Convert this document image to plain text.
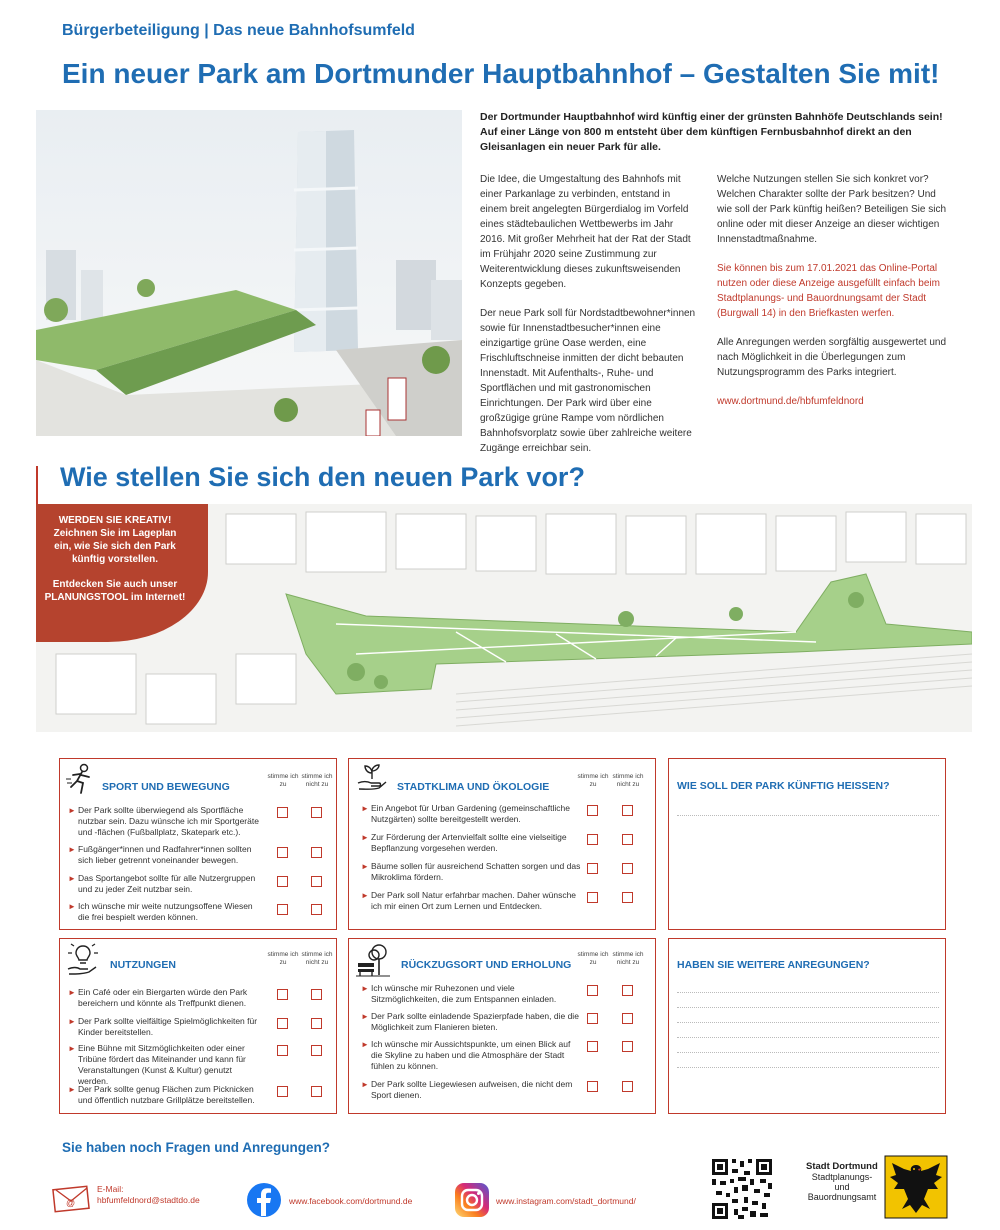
Bürgerbeteiligung | Das neue Bahnhofsumfeld
Ein neuer Park am Dortmunder Hauptbahnhof – Gestalten Sie mit!
Der Dortmunder Hauptbahnhof wird künftig einer der grünsten Bahnhöfe Deutschlands sein! Auf einer Länge von 800 m entsteht über dem künftigen Fernbusbahnhof direkt an den Gleisanlagen ein neuer Park für alle.

Die Idee, die Umgestaltung des Bahnhofs mit einer Parkanlage zu verbinden, entstand in einem breit angelegten Bürgerdialog im Vorfeld eines städtebaulichen Wettbewerbs im Jahr 2016. Mit großer Mehrheit hat der Rat der Stadt im Frühjahr 2020 seine Zustimmung zur Weiterentwicklung dieses zukunftsweisenden Konzepts gegeben.

Der neue Park soll für Nordstadtbewohner*innen sowie für Innenstadtbesucher*innen eine einzigartige grüne Oase werden, eine Frischluftschneise inmitten der dicht bebauten Innenstadt. Mit Aufenthalts-, Ruhe- und Sportflächen und mit gastronomischen Einrichtungen. Der Park wird über eine großzügige grüne Rampe vom nördlichen Bahnhofsvorplatz sowie über zahlreiche weitere Zugänge erreichbar sein.

Welche Nutzungen stellen Sie sich konkret vor? Welchen Charakter sollte der Park besitzen? Und wie soll der Park künftig heißen? Beteiligen Sie sich online oder mit dieser Anzeige an dieser wichtigen Innenstadtmaßnahme.

Sie können bis zum 17.01.2021 das Online-Portal nutzen oder diese Anzeige ausgefüllt einfach beim Stadtplanungs- und Bauordnungsamt der Stadt (Burgwall 14) in den Briefkasten werfen.

Alle Anregungen werden sorgfältig ausgewertet und nach Möglichkeit in die Überlegungen zum Nutzungsprogramm des Parks integriert.

www.dortmund.de/hbfumfeldnord

Wie stellen Sie sich den neuen Park vor?
WERDEN SIE KREATIV!
Zeichnen Sie im Lageplan ein, wie Sie sich den Park künftig vorstellen.
Entdecken Sie auch unser PLANUNGSTOOL im Internet!
SPORT UND BEWEGUNG
stimme ich zu
stimme ich nicht zu
► Der Park sollte überwiegend als Sportfläche nutzbar sein. Dazu wünsche ich mir Sportgeräte und -flächen (Fußballplatz, Skatepark etc.).
► Fußgänger*innen und Radfahrer*innen sollten sich lieber getrennt voneinander bewegen.
► Das Sportangebot sollte für alle Nutzergruppen und zu jeder Zeit nutzbar sein.
► Ich wünsche mir weite nutzungsoffene Wiesen die frei bespielt werden können.
STADTKLIMA UND ÖKOLOGIE
stimme ich zu
stimme ich nicht zu
► Ein Angebot für Urban Gardening (gemeinschaftliche Nutzgärten) sollte bereitgestellt werden.
► Zur Förderung der Artenvielfalt sollte eine vielseitige Bepflanzung vorgesehen werden.
► Bäume sollen für ausreichend Schatten sorgen und das Mikroklima fördern.
► Der Park soll Natur erfahrbar machen. Daher wünsche ich mir einen Ort zum Lernen und Entdecken.
WIE SOLL DER PARK KÜNFTIG HEISSEN?
NUTZUNGEN
stimme ich zu
stimme ich nicht zu
► Ein Café oder ein Biergarten würde den Park bereichern und könnte als Treffpunkt dienen.
► Der Park sollte vielfältige Spielmöglichkeiten für Kinder bereitstellen.
► Eine Bühne mit Sitzmöglichkeiten oder einer Tribüne fördert das Miteinander und kann für Veranstaltungen (Kunst & Kultur) genutzt werden.
► Der Park sollte genug Flächen zum Picknicken und öffentlich nutzbare Grillplätze bereitstellen.
RÜCKZUGSORT UND ERHOLUNG
stimme ich zu
stimme ich nicht zu
► Ich wünsche mir Ruhezonen und viele Sitzmöglichkeiten, die zum Entspannen einladen.
► Der Park sollte einladende Spazierpfade haben, die die Möglichkeit zum Flanieren bieten.
► Ich wünsche mir Aussichtspunkte, um einen Blick auf die Skyline zu haben und die Atmosphäre der Stadt fühlen zu können.
► Der Park sollte Liegewiesen aufweisen, die nicht dem Sport dienen.
HABEN SIE WEITERE ANREGUNGEN?
Sie haben noch Fragen und Anregungen?
@
E-Mail:
hbfumfeldnord@stadtdo.de	www.facebook.com/dortmund.de	www.instagram.com/stadt_dortmund/
Stadt Dortmund
Stadtplanungs- und Bauordnungsamt
